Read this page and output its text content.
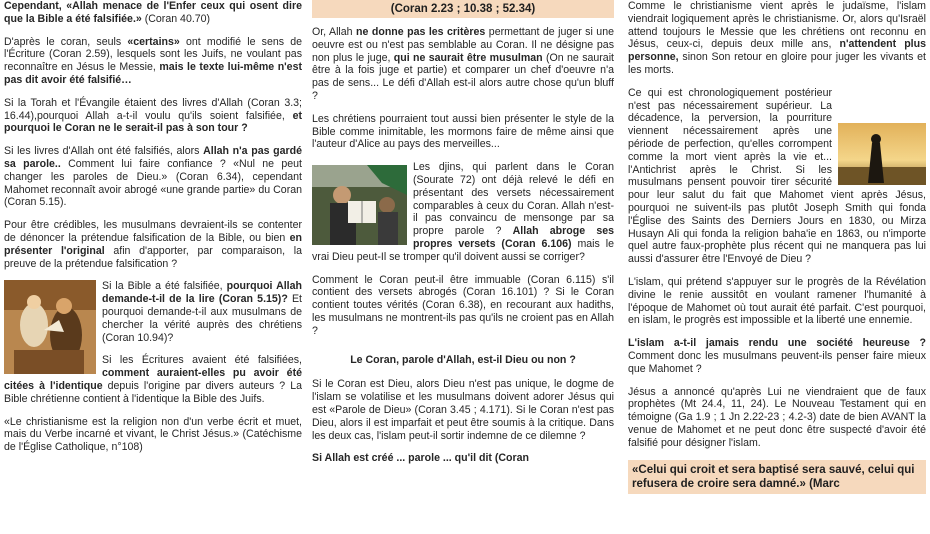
Cependant, «Allah menace de l'Enfer ceux qui osent dire que la Bible a été falsifiée.» (Coran 40.70)

D'après le coran, seuls «certains» ont modifié le sens de l'Écriture (Coran 2.59), lesquels sont les Juifs, ne voulant pas reconnaître en Jésus le Messie, mais le texte lui-même n'est pas dit avoir été falsifié…

Si la Torah et l'Évangile étaient des livres d'Allah (Coran 3.3; 16.44),pourquoi Allah a-t-il voulu qu'ils soient falsifiée, et pourquoi le Coran ne le serait-il pas à son tour ?

Si les livres d'Allah ont été falsifiés, alors Allah n'a pas gardé sa parole.. Comment lui faire confiance ? «Nul ne peut changer les paroles de Dieu.» (Coran 6.34), cependant Mahomet reconnaît avoir abrogé «une grande partie» du Coran (Coran 5.15).

Pour être crédibles, les musulmans devraient-ils se contenter de dénoncer la prétendue falsification de la Bible, ou bien en présenter l'original afin d'apporter, par comparaison, la preuve de la prétendue falsification ?

Si la Bible a été falsifiée, pourquoi Allah demande-t-il de la lire (Coran 5.15)? Et pourquoi demande-t-il aux musulmans de chercher la vérité auprès des chrétiens (Coran 10.94)?

Si les Écritures avaient été falsifiées, comment auraient-elles pu avoir été citées à l'identique depuis l'origine par divers auteurs ? La Bible chrétienne contient à l'identique la Bible des Juifs.

«Le christianisme est la religion non d'un verbe écrit et muet, mais du Verbe incarné et vivant, le Christ Jésus.» (Catéchisme de l'Église Catholique, n°108)

(Coran 2.23 ; 10.38 ; 52.34)

Or, Allah ne donne pas les critères permettant de juger si une oeuvre est ou n'est pas semblable au Coran. Il ne désigne pas non plus le juge, qui ne saurait être musulman (On ne saurait être à la fois juge et partie) et comparer un chef d'oeuvre n'a pas de sens... Le défi d'Allah est-il alors autre chose qu'un bluff ?

Les chrétiens pourraient tout aussi bien présenter le style de la Bible comme inimitable, les mormons faire de même ainsi que l'auteur d'Alice au pays des merveilles...

Les djins, qui parlent dans le Coran (Sourate 72) ont déjà relevé le défi en présentant des versets nécessairement comparables à ceux du Coran. Allah n'est-il pas convaincu de mensonge par sa propre parole ? Allah abroge ses propres versets (Coran 6.106) mais le vrai Dieu peut-Il se tromper qu'il doivent aussi se corriger?

Comment le Coran peut-il être immuable (Coran 6.115) s'il contient des versets abrogés (Coran 16.101) ? Si le Coran contient toutes vérités (Coran 6.38), en recourant aux hadiths, les musulmans ne montrent-ils pas qu'ils ne croient pas en Allah ?

Le Coran, parole d'Allah, est-il Dieu ou non ?

Si le Coran est Dieu, alors Dieu n'est pas unique, le dogme de l'islam se volatilise et les musulmans doivent adorer Jésus qui est «Parole de Dieu» (Coran 3.45 ; 4.171). Si le Coran n'est pas Dieu, alors il est imparfait et peut être soumis à la critique. Dans les deux cas, l'islam peut-il sortir indemne de ce dilemne ?

Si Allah est créé ... parole ... qu'il dit (Coran

Comme le christianisme vient après le judaïsme, l'islam viendrait logiquement après le christianisme. Or, alors qu'Israël attend toujours le Messie que les chrétiens ont reconnu en Jésus, ceux-ci, depuis deux mille ans, n'attendent plus personne, sinon Son retour en gloire pour juger les vivants et les morts.

Ce qui est chronologiquement postérieur n'est pas nécessairement supérieur. La décadence, la perversion, la pourriture viennent nécessairement après une période de perfection, qu'elles corrompent comme la mort vient après la vie et... l'Antichrist après le Christ. Si les musulmans pensent pouvoir tirer sécurité pour leur salut du fait que Mahomet vient après Jésus, pourquoi ne suivent-ils pas plutôt Joseph Smith qui fonda l'Église des Saints des Derniers Jours en 1830, ou Mirza Husayn Ali qui fonda la religion baha'ie en 1863, ou n'importe quel autre faux-prophète plus récent qui ne manquera pas lui aussi d'assurer être l'Envoyé de Dieu ?

L'islam, qui prétend s'appuyer sur le progrès de la Révélation divine le renie aussitôt en voulant ramener l'humanité à l'époque de Mahomet où tout aurait été parfait. C'est pourquoi, en islam, le progrès est impossible et la liberté une ennemie.

L'islam a-t-il jamais rendu une société heureuse ? Comment donc les musulmans peuvent-ils penser faire mieux que Mahomet ?

Jésus a annoncé qu'après Lui ne viendraient que de faux prophètes (Mt 24.4, 11, 24). Le Nouveau Testament qui en témoigne (Ga 1.9 ; 1 Jn 2.22-23 ; 4.2-3) date de bien AVANT la venue de Mahomet et ne peut donc être suspecté d'avoir été falsifié pour désigner l'islam.

«Celui qui croit et sera baptisé sera sauvé, celui qui refusera de croire sera damné.» (Marc
